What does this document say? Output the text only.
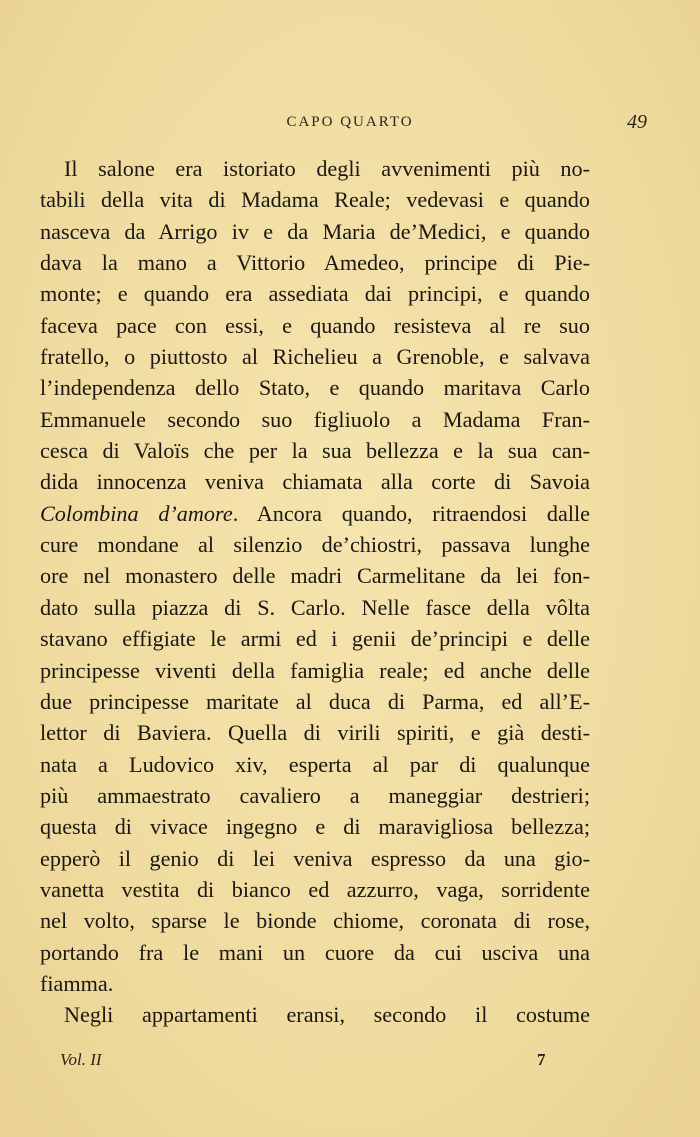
CAPO QUARTO	49
Il salone era istoriato degli avvenimenti più no-
tabili della vita di Madama Reale; vedevasi e quando
nasceva da Arrigo iv e da Maria de’Medici, e quando
dava la mano a Vittorio Amedeo, principe di Pie-
monte; e quando era assediata dai principi, e quando
faceva pace con essi, e quando resisteva al re suo
fratello, o piuttosto al Richelieu a Grenoble, e salvava
l’independenza dello Stato, e quando maritava Carlo
Emmanuele secondo suo figliuolo a Madama Fran-
cesca di Valoïs che per la sua bellezza e la sua can-
dida innocenza veniva chiamata alla corte di Savoia
Colombina d’amore. Ancora quando, ritraendosi dalle
cure mondane al silenzio de’chiostri, passava lunghe
ore nel monastero delle madri Carmelitane da lei fon-
dato sulla piazza di S. Carlo. Nelle fasce della vôlta
stavano effigiate le armi ed i genii de’principi e delle
principesse viventi della famiglia reale; ed anche delle
due principesse maritate al duca di Parma, ed all’E-
lettor di Baviera. Quella di virili spiriti, e già desti-
nata a Ludovico xiv, esperta al par di qualunque
più ammaestrato cavaliero a maneggiar destrieri;
questa di vivace ingegno e di maravigliosa bellezza;
epperò il genio di lei veniva espresso da una gio-
vanetta vestita di bianco ed azzurro, vaga, sorridente
nel volto, sparse le bionde chiome, coronata di rose,
portando fra le mani un cuore da cui usciva una
fiamma.
Negli appartamenti eransi, secondo il costume
Vol. II	7
